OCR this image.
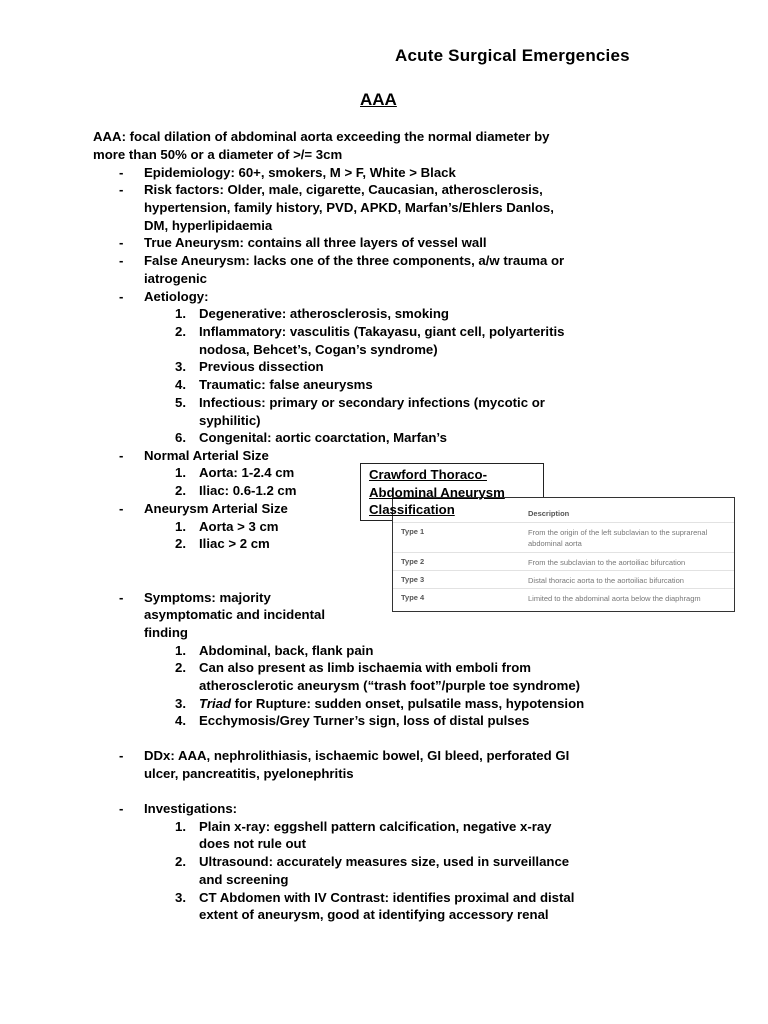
Acute Surgical Emergencies
AAA
AAA: focal dilation of abdominal aorta exceeding the normal diameter by
more than 50% or a diameter of >/= 3cm
- Epidemiology: 60+, smokers, M > F, White > Black
- Risk factors: Older, male, cigarette, Caucasian, atherosclerosis,
hypertension, family history, PVD, APKD, Marfan’s/Ehlers Danlos,
DM, hyperlipidaemia
- True Aneurysm: contains all three layers of vessel wall
- False Aneurysm: lacks one of the three components, a/w trauma or
iatrogenic
- Aetiology:
1. Degenerative: atherosclerosis, smoking
2. Inflammatory: vasculitis (Takayasu, giant cell, polyarteritis
nodosa, Behcet’s, Cogan’s syndrome)
3. Previous dissection
4. Traumatic: false aneurysms
5. Infectious: primary or secondary infections (mycotic or
syphilitic)
6. Congenital: aortic coarctation, Marfan’s
- Normal Arterial Size
1. Aorta: 1-2.4 cm
2. Iliac: 0.6-1.2 cm
- Aneurysm Arterial Size
1. Aorta > 3 cm
2. Iliac > 2 cm
Crawford Thoraco-Abdominal Aneurysm Classification	Description
Type 1	From the origin of the left subclavian to the suprarenal abdominal aorta
Type 2	From the subclavian to the aortoiliac bifurcation
Type 3	Distal thoracic aorta to the aortoiliac bifurcation
Type 4	Limited to the abdominal aorta below the diaphragm
- Symptoms: majority
asymptomatic and incidental
finding
1. Abdominal, back, flank pain
2. Can also present as limb ischaemia with emboli from
atherosclerotic aneurysm (“trash foot”/purple toe syndrome)
3. Triad for Rupture: sudden onset, pulsatile mass, hypotension
4. Ecchymosis/Grey Turner’s sign, loss of distal pulses
- DDx: AAA, nephrolithiasis, ischaemic bowel, GI bleed, perforated GI
ulcer, pancreatitis, pyelonephritis
- Investigations:
1. Plain x-ray: eggshell pattern calcification, negative x-ray
does not rule out
2. Ultrasound: accurately measures size, used in surveillance
and screening
3. CT Abdomen with IV Contrast: identifies proximal and distal
extent of aneurysm, good at identifying accessory renal
